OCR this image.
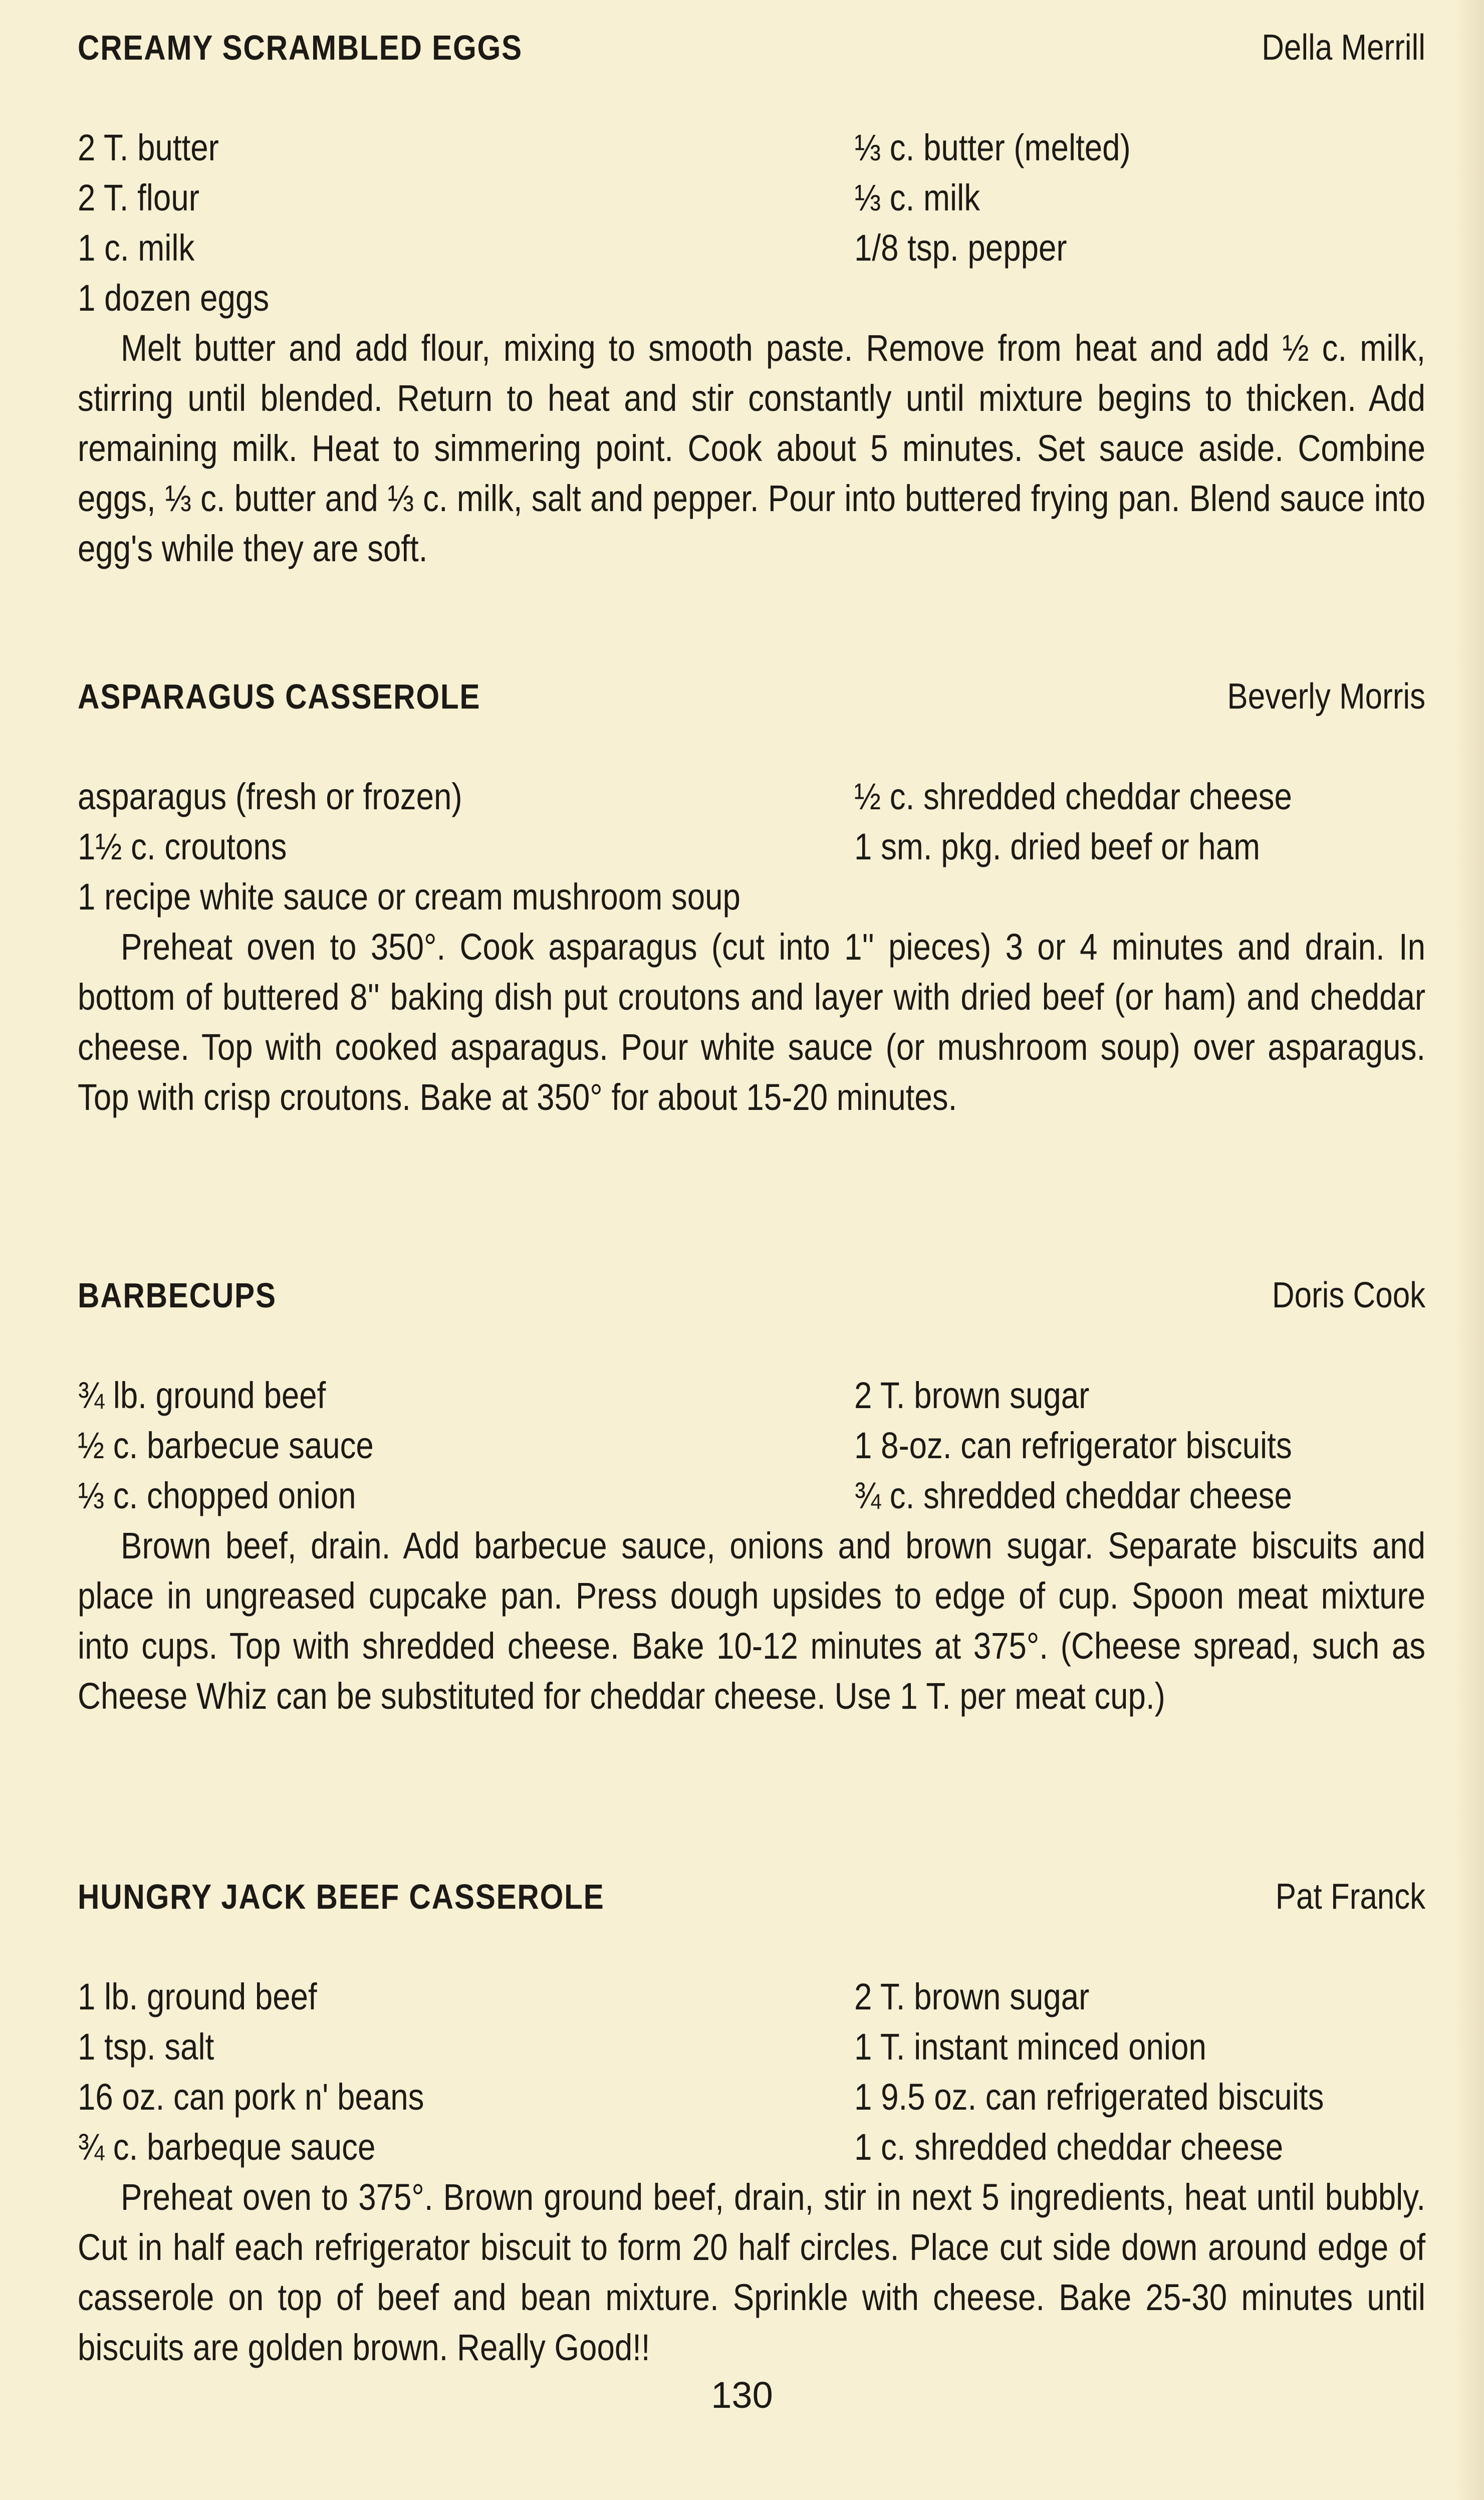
CREAMY SCRAMBLED EGGS	Della Merrill
2 T. butter	⅓ c. butter (melted)
2 T. flour	⅓ c. milk
1 c. milk	1/8 tsp. pepper
1 dozen eggs

Melt butter and add flour, mixing to smooth paste. Remove from heat and add ½ c. milk, stirring until blended. Return to heat and stir constantly until mixture begins to thicken. Add remaining milk. Heat to simmering point. Cook about 5 minutes. Set sauce aside. Combine eggs, ⅓ c. butter and ⅓ c. milk, salt and pepper. Pour into buttered frying pan. Blend sauce into egg's while they are soft.

ASPARAGUS CASSEROLE	Beverly Morris
asparagus (fresh or frozen)	½ c. shredded cheddar cheese
1½ c. croutons	1 sm. pkg. dried beef or ham
1 recipe white sauce or cream mushroom soup

Preheat oven to 350°. Cook asparagus (cut into 1'' pieces) 3 or 4 minutes and drain. In bottom of buttered 8'' baking dish put croutons and layer with dried beef (or ham) and cheddar cheese. Top with cooked asparagus. Pour white sauce (or mushroom soup) over asparagus. Top with crisp croutons. Bake at 350° for about 15-20 minutes.

BARBECUPS	Doris Cook
¾ lb. ground beef	2 T. brown sugar
½ c. barbecue sauce	1 8-oz. can refrigerator biscuits
⅓ c. chopped onion	¾ c. shredded cheddar cheese

Brown beef, drain. Add barbecue sauce, onions and brown sugar. Separate biscuits and place in ungreased cupcake pan. Press dough upsides to edge of cup. Spoon meat mixture into cups. Top with shredded cheese. Bake 10-12 minutes at 375°. (Cheese spread, such as Cheese Whiz can be substituted for cheddar cheese. Use 1 T. per meat cup.)

HUNGRY JACK BEEF CASSEROLE	Pat Franck
1 lb. ground beef	2 T. brown sugar
1 tsp. salt	1 T. instant minced onion
16 oz. can pork n' beans	1 9.5 oz. can refrigerated biscuits
¾ c. barbeque sauce	1 c. shredded cheddar cheese

Preheat oven to 375°. Brown ground beef, drain, stir in next 5 ingredients, heat until bubbly. Cut in half each refrigerator biscuit to form 20 half circles. Place cut side down around edge of casserole on top of beef and bean mixture. Sprinkle with cheese. Bake 25-30 minutes until biscuits are golden brown. Really Good!!

130
